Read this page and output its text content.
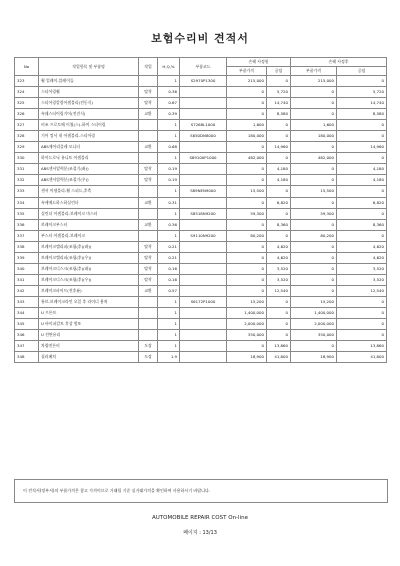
보험수리비 견적서
No	작업항목 및 부품명	작업	H,Q,%	부품코드	손해 사정원		손해 사정후	
					부품가격	공임	부품가격	공임
323	휠 얼레이-블레이들		1	S2970P1300	215,000	0	215,000	0
324	스티어링휠	탈착	0.36		0	5,720	0	5,720
325	스티어링칼럼어셈블리(전동식)	탈착	0.67		0	14,740	0	14,740
326	쇽쉐스티어링기어(전진식)	교환	0.39		0	8,580	0	8,580
327	비조 프로토해 이퀄(스)-하여 스티어링		1	S7268L1000	1,600	0	1,600	0
328	기어 컴서 내 어셈블리-스티어링		1	S650DN8000	180,000	0	180,000	0
329	ABS제어리플레 모니터	교환	0.68		0	14,960	0	14,960
330	하이드로닉 유니트 어셈블리		1	S89100P1000	482,000	0	482,000	0
331	ABS센서압력분(조절기(좌))	탈착	0.19		0	4,180	0	4,180
332	ABS센서압력분(조절기(우))	탈착	0.19		0	4,180	0	4,180
333	센서 어셈블리-휠 스피드,후측		1	S89NEN9000	15,500	0	15,500	0
334	쇽케메드하스하실린더	교환	0.31		0	6,820	0	6,820
335	실린더 어셈블리-브레이크 마스터		1	S8518N9200	59,300	0	59,300	0
336	브레이크부스터	교환	0.36		0	8,360	0	8,360
337	부스터 어셈블리-브레이크		1	S9110N9200	80,200	0	80,200	0
338	브레이크캘리퍼(조립(후)(좌))	탈착	0.21		0	4,620	0	4,620
339	브레이크캘리퍼(조립(후)(우))	탈착	0.21		0	4,620	0	4,620
340	브레이크디스크(조립(후)(좌))	탈착	0.16		0	3,520	0	3,520
341	브레이크디스크(조립(후)(우))	탈착	0.16		0	3,520	0	3,520
342	브레이크파이프(전후륜)	교환	0.57		0	12,540	0	12,540
343	튜브-브레이크라인 오일 후 라이너 용처		1	S6172P1000	15,200	0	15,200	0
344	U 프론트		1		1,400,000	0	1,400,000	0
345	U 바이퍼칼트 후상 범또		1		2,000,000	0	2,000,000	0
346	U 전면유리		1		350,000	0	350,000	0
347	차량전론비	도장	1		0	13,860	0	13,860
348	칠러패치	도장	1.9		18,900	41,800	18,900	41,800
이 견적서(정부서)의 부품가격은 참고 가격이므로 거래될 기준 실거래가격을 확인하여 사용하시기 바랍니다.
AUTOMOBILE REPAIR COST On-line
페이지 : 13/13
